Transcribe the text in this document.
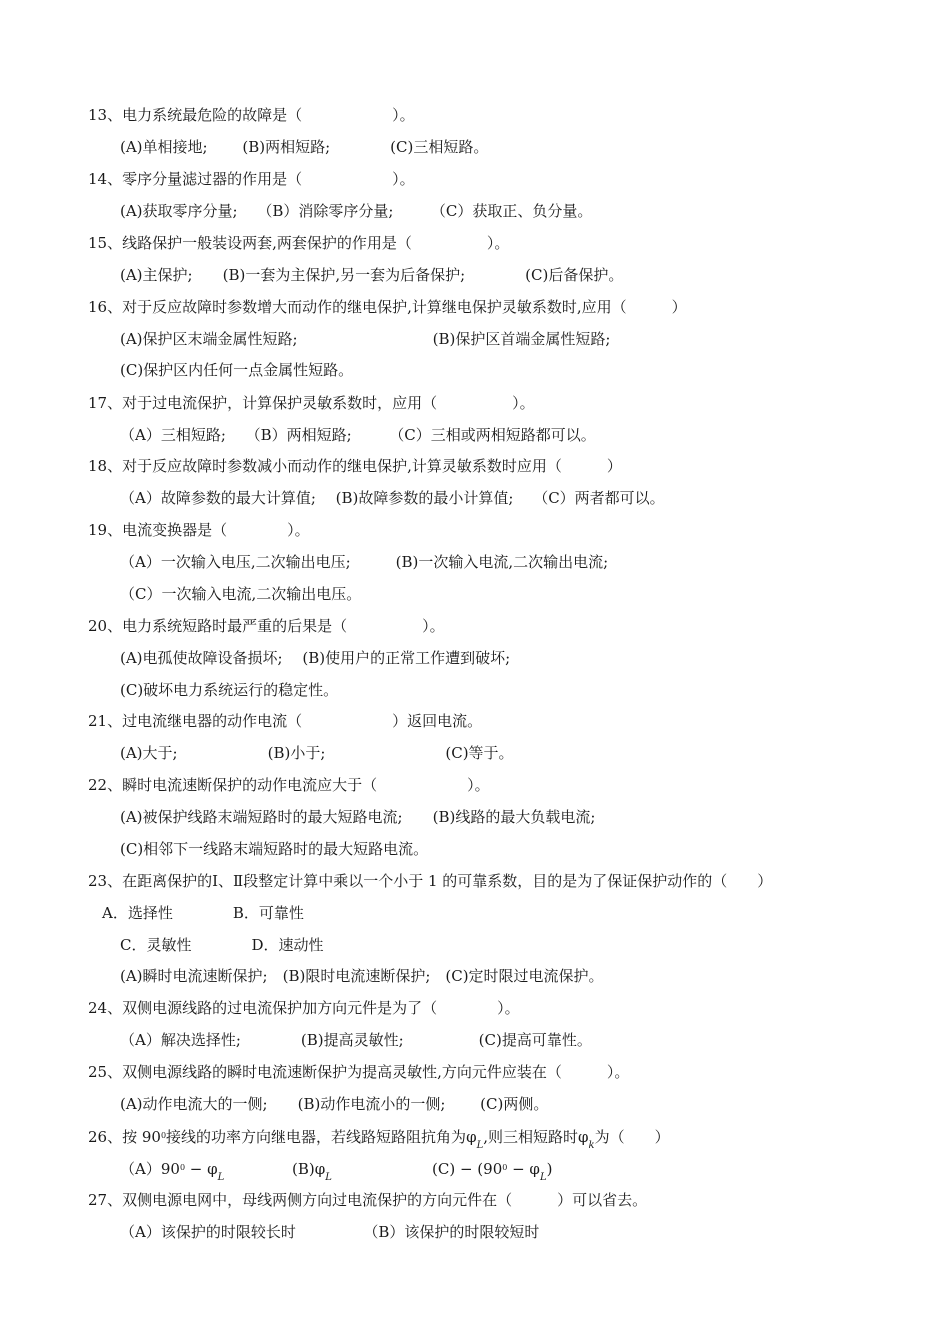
13、电力系统最危险的故障是（　　　　　　）。
(A)单相接地;　　 (B)两相短路;　　　　(C)三相短路。
14、零序分量滤过器的作用是（　　　　　　）。
(A)获取零序分量;　 （B）消除零序分量;　　　（C）获取正、负分量。
15、线路保护一般装设两套,两套保护的作用是（　　　　　）。
(A)主保护;　　(B)一套为主保护,另一套为后备保护;　　　　(C)后备保护。
16、对于反应故障时参数增大而动作的继电保护,计算继电保护灵敏系数时,应用（　　　）
(A)保护区末端金属性短路;　　　　　　　　　(B)保护区首端金属性短路;
(C)保护区内任何一点金属性短路。
17、对于过电流保护，计算保护灵敏系数时，应用（　　　　　）。
（A）三相短路;　 （B）两相短路;　　　（C）三相或两相短路都可以。
18、对于反应故障时参数减小而动作的继电保护,计算灵敏系数时应用（　　　）
（A）故障参数的最大计算值;　 (B)故障参数的最小计算值;　 （C）两者都可以。
19、电流变换器是（　　　　）。
（A）一次输入电压,二次输出电压;　　　(B)一次输入电流,二次输出电流;
（C）一次输入电流,二次输出电压。
20、电力系统短路时最严重的后果是（　　　　　）。
(A)电孤使故障设备损坏;　 (B)使用户的正常工作遭到破坏;
(C)破坏电力系统运行的稳定性。
21、过电流继电器的动作电流（　　　　　　）返回电流。
(A)大于;　　　　　　(B)小于;　　　　　　　　(C)等于。
22、瞬时电流速断保护的动作电流应大于（　　　　　　）。
(A)被保护线路末端短路时的最大短路电流;　　(B)线路的最大负载电流;
(C)相邻下一线路末端短路时的最大短路电流。
23、在距离保护的Ⅰ、Ⅱ段整定计算中乘以一个小于 1 的可靠系数，目的是为了保证保护动作的（　　）
A．选择性　　　　B．可靠性
C．灵敏性　　　　D．速动性
(A)瞬时电流速断保护;　(B)限时电流速断保护;　(C)定时限过电流保护。
24、双侧电源线路的过电流保护加方向元件是为了（　　　　）。
（A）解决选择性;　　　　(B)提高灵敏性;　　　　　(C)提高可靠性。
25、双侧电源线路的瞬时电流速断保护为提高灵敏性,方向元件应装在（　　　）。
(A)动作电流大的一侧;　　(B)动作电流小的一侧;　　 (C)两侧。
26、按 $90^0$接线的功率方向继电器，若线路短路阻抗角为$\varphi_L$,则三相短路时$\varphi_k$为（　　）
$(A)90^0 - \varphi_L$	$(B)\varphi_L$	$(C) - (90^0 - \varphi_L)$
27、双侧电源电网中，母线两侧方向过电流保护的方向元件在（　　　）可以省去。
（A）该保护的时限较长时　　　　　（B）该保护的时限较短时
